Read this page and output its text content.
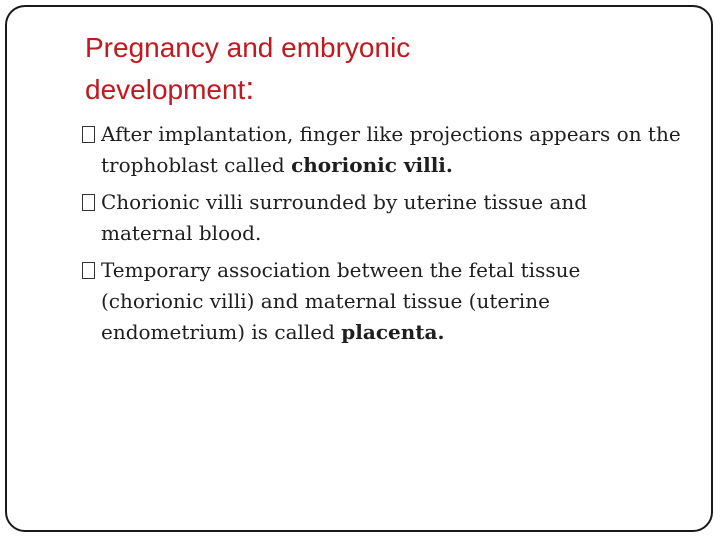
Pregnancy and embryonic
development:
After implantation, finger like projections appears on the trophoblast called chorionic villi.
Chorionic villi surrounded by uterine tissue and maternal blood.
Temporary association between the fetal tissue (chorionic villi) and maternal tissue (uterine endometrium) is called placenta.
